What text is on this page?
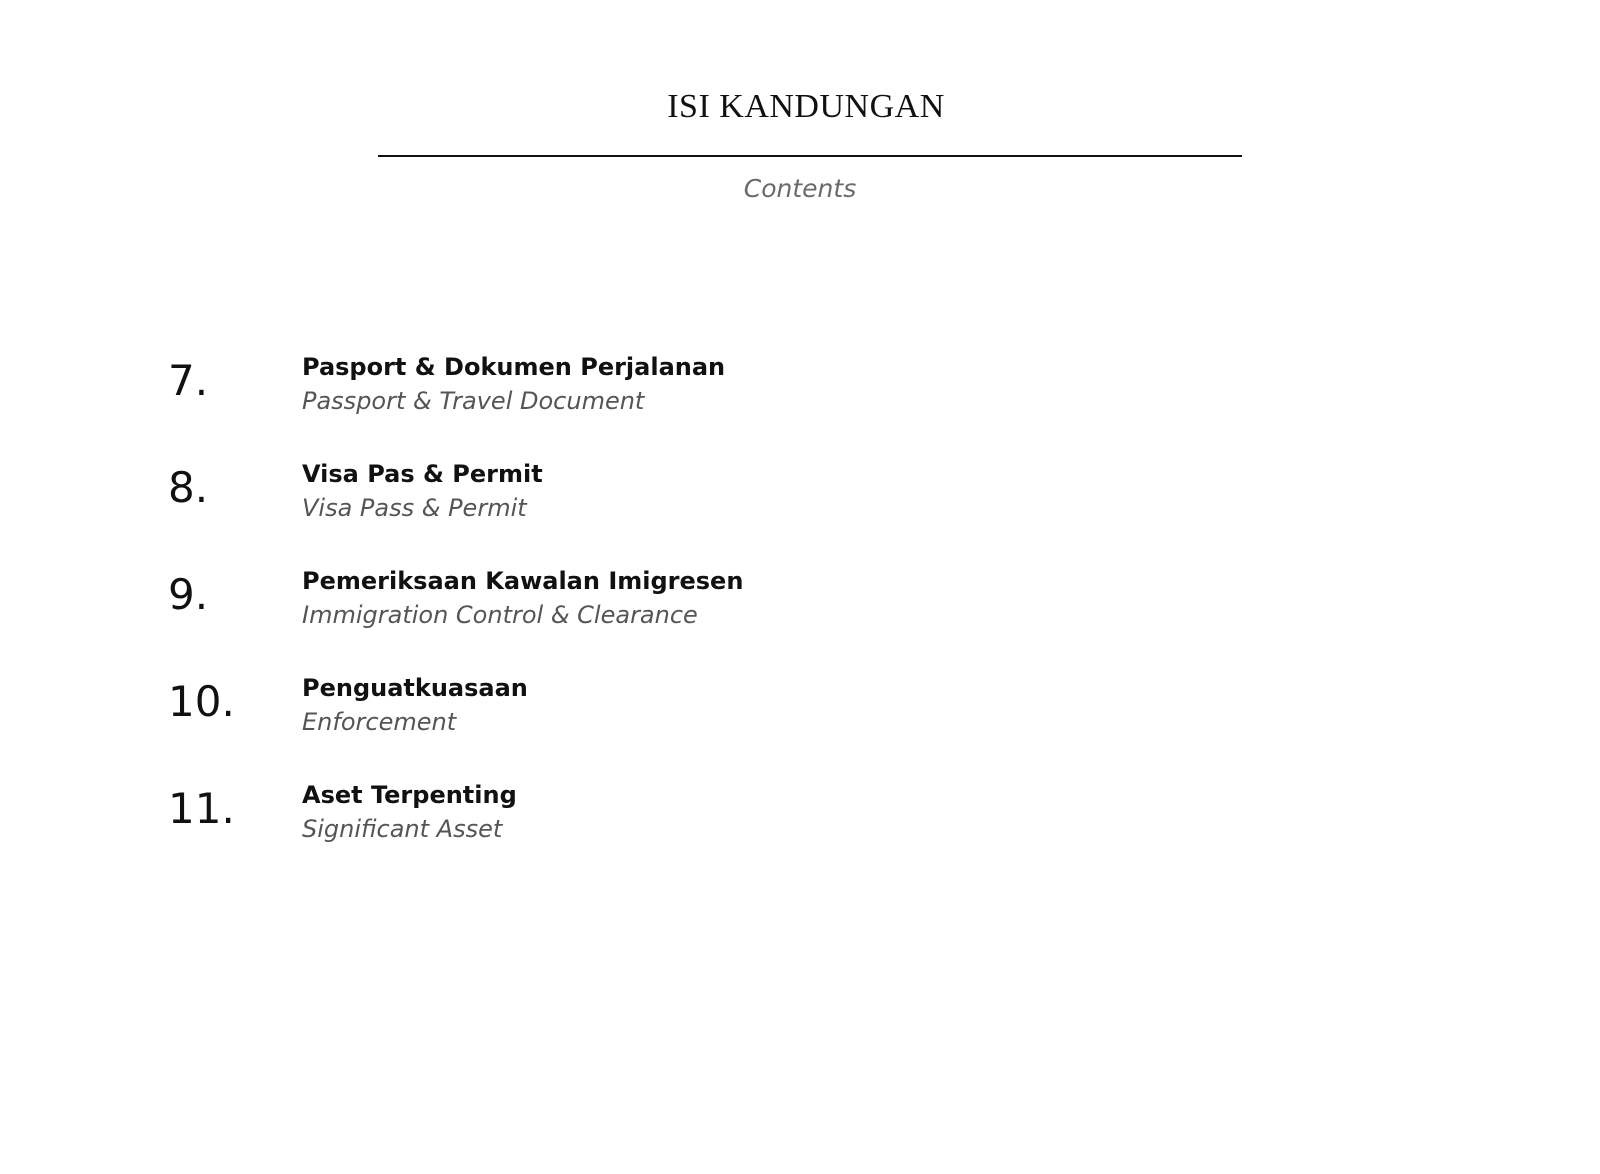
ISI KANDUNGAN
Contents
7.	Pasport & Dokumen Perjalanan
Passport & Travel Document
8.	Visa Pas & Permit
Visa Pass & Permit
9.	Pemeriksaan Kawalan Imigresen
Immigration Control & Clearance
10.	Penguatkuasaan
Enforcement
11.	Aset Terpenting
Significant Asset
